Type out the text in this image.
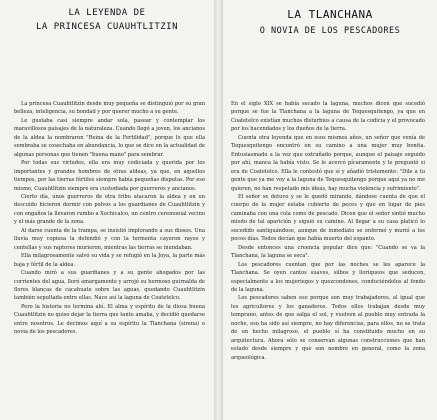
LA LEYENDA DE
LA PRINCESA CUAUHTLITZIN

La princesa Cuauhtlitzin desde muy pequeña se distinguió por su gran belleza, inteligencia, su bondad y por querer mucho a su gente.

Le gustaba casi siempre andar sola, pasear y contemplar los maravillosos paisajes de la naturaleza. Cuando llegó a joven, los ancianos de la aldea la nombraron "Reina de la Fertilidad", porque lo que ella sembraba se cosechaba en abundancia, lo que se dice en la actualidad de algunas personas que tienen "buena mano" para sembrar.

Por todas sus virtudes, ella era muy codiciada y querida por los importantes y grandes hombres de otras aldeas, ya que, en aquellos tiempos, por las tierras fértiles siempre había pequeñas disputas. Por eso mismo, Cuauhtlitzin siempre era custodiada por guerreros y ancianos.

Cierto día, unos guerreros de otra tribu atacaron la aldea y en un descuido hicieron dormir con polvos a los guardianes de Cuauhtlitzin y con engaños la llevaron rumbo a Xochicalco, un centro ceremonial vecino y el más grande de la zona.

Al darse cuenta de la trampa, se insistió implorando a sus dioses. Una lluvia muy copiosa la defendió y con la tormenta cayeron rayos y centellas y sus raptores murieron, mientras las tierras se inundaban.

Ella milagrosamente salvó su vida y se refugió en la Joya, la parte más baja y fértil de la aldea.

Cuando miró a sus guardianes y a su gente ahogados por las corrientes del agua, lloró amargamente y arrojó su hermoso guirnalda de flores blancas de cacahuate sobre las aguas, quedando Cuauhtlitzin también sepultada entre ellas. Nace así la laguna de Coatetelco.

Pero la historia no termina ahí. El alma y espíritu de la diosa buena Cuauhtlitzin no quiso dejar la tierra que tanto amaba, y decidió quedarse entre nosotros. Le decimos aquí a su espíritu la Tlanchana (sirena) o novia de los pescadores.

LA TLANCHANA
O NOVIA DE LOS PESCADORES

En el siglo XIX se había secado la laguna, muchos dicen que sucedió porque se fue la Tlanchana a la laguna de Tequesquitengo, ya que en Coatetelco existían muchos disturbios a causa de la codicia y el provocado por los hacendados y los dueños de la tierra.

Cuenta otra leyenda que en esos mismos años, un señor que venía de Tequesquitengo encontró en su camino a una mujer muy bonita. Entusiasmado a la vez que extrañado porque, aunque el paisaje seguido por ahí, manca la había visto. Se le acercó pícaramente y le preguntó si era de Coatetelco. Ella le contestó que sí y añadió tristemente: "Dile a tu gente que ya me voy a la laguna de Tequesquitengo porque aquí ya no me quieren, no han respetado mis ideas, hay mucha violencia y sufrimiento".

El señor se detuvo y se le quedó mirando, dándose cuenta de que el cuerpo de la mujer estaba cubierto de peces y que en lugar de pies caminaba con una cola como de pescado. Dicen que el señor sintió mucho miedo de tal aparición y siguió su camino. Al llegar a su casa platicó lo sucedido santiguándose, aunque de inmediato se enfermó y murió a los pocos días. Todos decían que había muerto del espanto.

Desde entonces una creencia popular dice que: "Cuando se va la Tlanchana, la laguna se seca".

Los pescadores cuentan que por las noches se les aparece la Tlanchana. Se oyen cantos suaves, silbos y lloriqueos que seducen, especialmente a los mujeriegos y quezcondones, conduciéndolos al fondo de la laguna.

Los pescadores saben eso porque son muy trabajadores, al igual que los agricultores y los ganaderos. Todos ellos trabajan desde muy temprano, antes de que salga el sol, y vuelven al pueblo muy entrada la noche, eso ha sido así siempre, no hay diferencias, para ellos, no se trata de un hecho milagroso, el pueblo sí ha constituido mucho en su arquitectura. Ahora sólo se conservan algunas construcciones que han estado desde siempre y que son nombre en general, como la zona arqueológica.
